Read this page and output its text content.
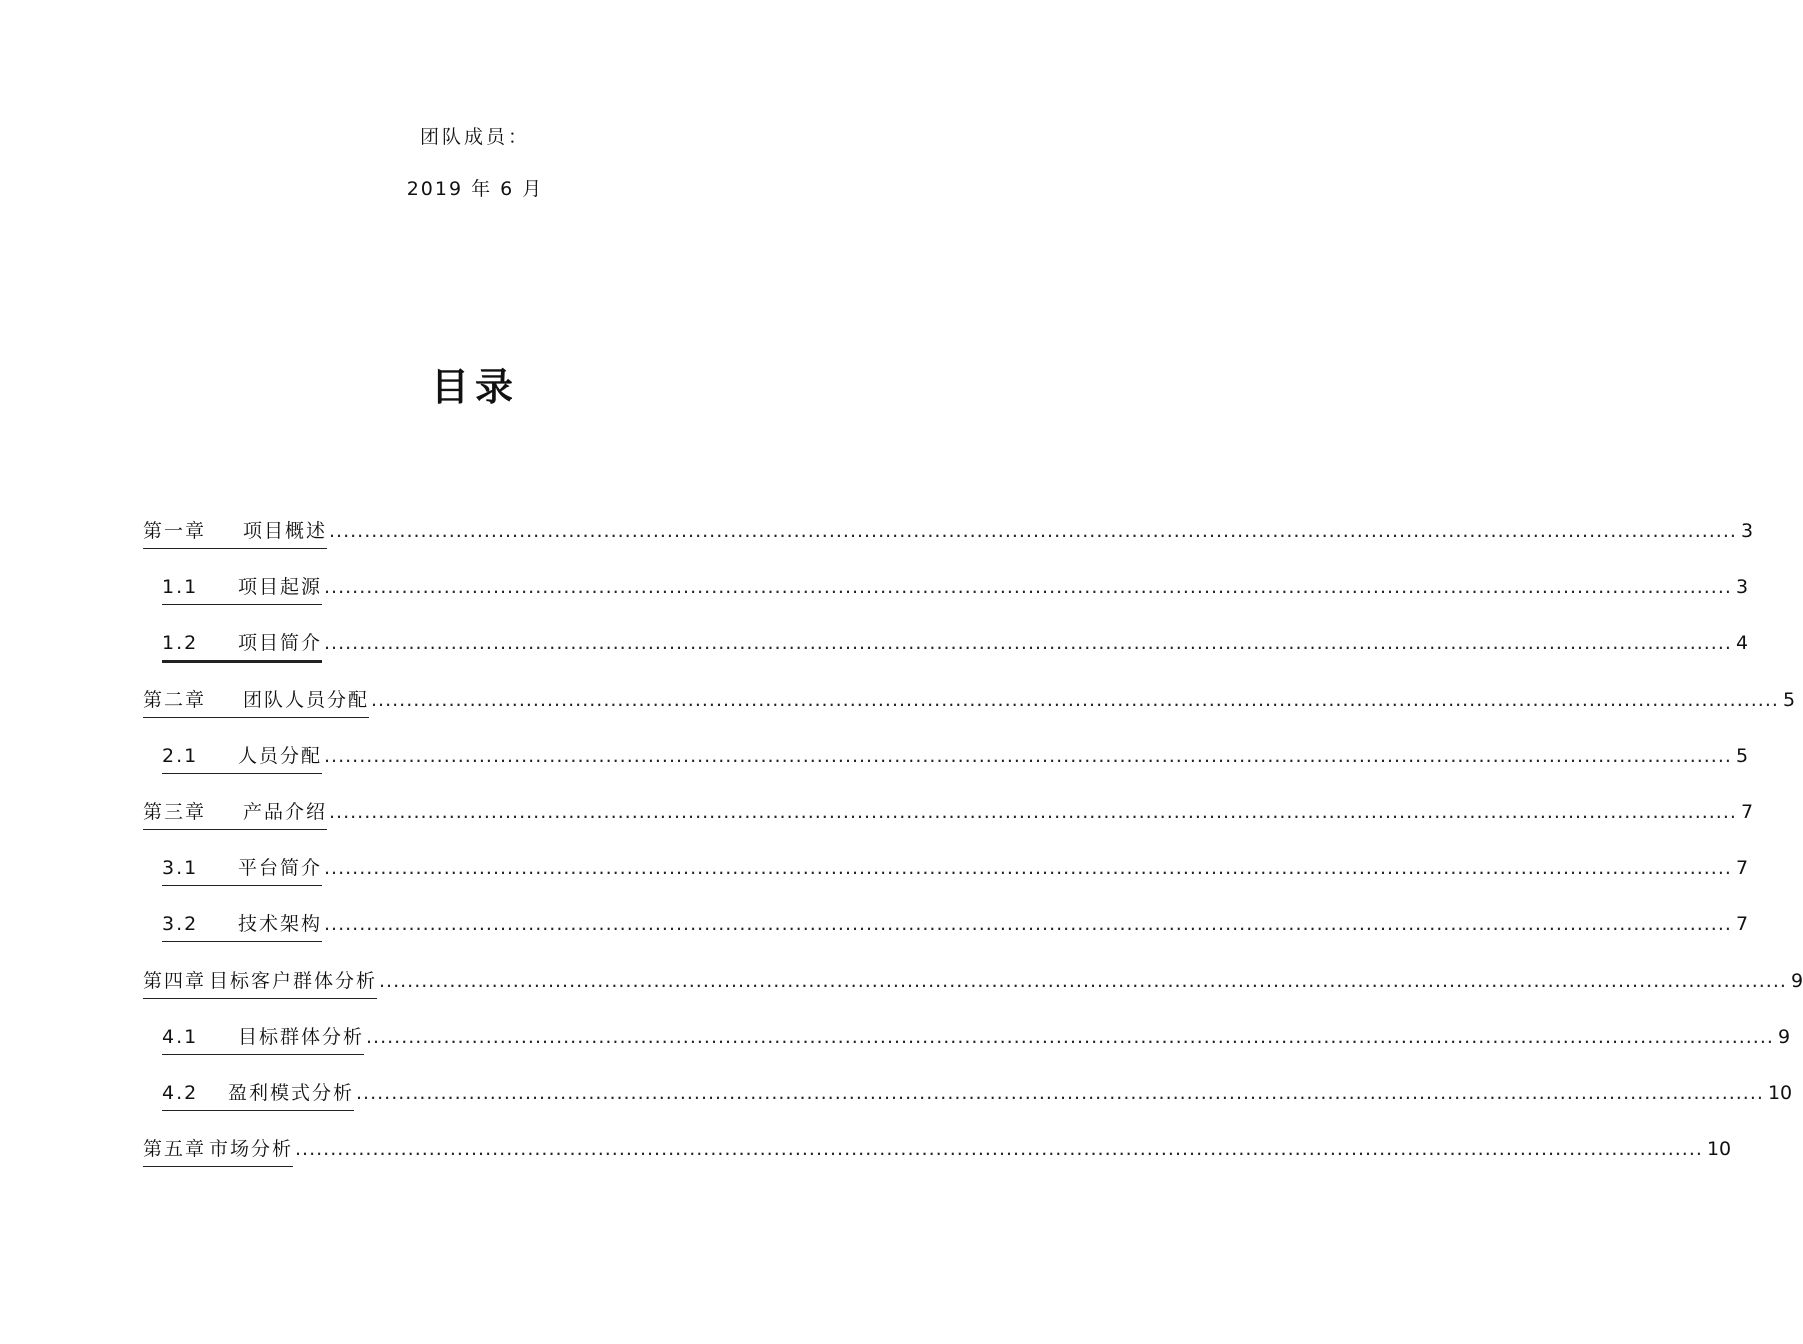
团队成员：
2019 年 6 月
目录
第一章	项目概述 ........................................................................................................................................................................................................ 3
1.1	项目起源 ........................................................................................................................................................................................................ 3
1.2	项目简介 ........................................................................................................................................................................................................ 4
第二章	团队人员分配 ........................................................................................................................................................................................................ 5
2.1	人员分配 ........................................................................................................................................................................................................ 5
第三章	产品介绍 ........................................................................................................................................................................................................ 7
3.1	平台简介 ........................................................................................................................................................................................................ 7
3.2	技术架构 ........................................................................................................................................................................................................ 7
第四章 目标客户群体分析 ........................................................................................................................................................................................................ 9
4.1	目标群体分析 ........................................................................................................................................................................................................ 9
4.2	盈利模式分析 ........................................................................................................................................................................................................ 10
第五章 市场分析 ........................................................................................................................................................................................................ 10
